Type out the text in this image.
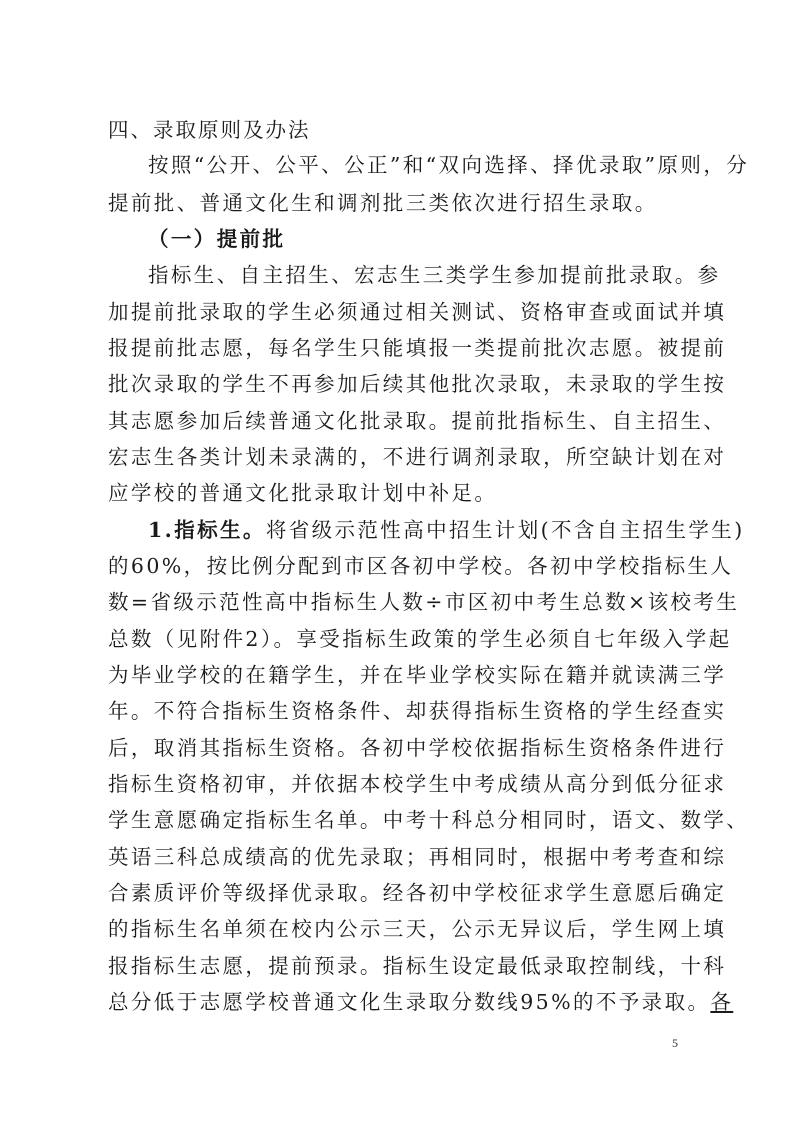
四、录取原则及办法
按照“公开、公平、公正”和“双向选择、择优录取”原则，分
提前批、普通文化生和调剂批三类依次进行招生录取。
（一）提前批
指标生、自主招生、宏志生三类学生参加提前批录取。参
加提前批录取的学生必须通过相关测试、资格审查或面试并填
报提前批志愿，每名学生只能填报一类提前批次志愿。被提前
批次录取的学生不再参加后续其他批次录取，未录取的学生按
其志愿参加后续普通文化批录取。提前批指标生、自主招生、
宏志生各类计划未录满的，不进行调剂录取，所空缺计划在对
应学校的普通文化批录取计划中补足。
1.指标生。将省级示范性高中招生计划(不含自主招生学生)
的60%，按比例分配到市区各初中学校。各初中学校指标生人
数=省级示范性高中指标生人数÷市区初中考生总数×该校考生
总数（见附件2）。享受指标生政策的学生必须自七年级入学起
为毕业学校的在籍学生，并在毕业学校实际在籍并就读满三学
年。不符合指标生资格条件、却获得指标生资格的学生经查实
后，取消其指标生资格。各初中学校依据指标生资格条件进行
指标生资格初审，并依据本校学生中考成绩从高分到低分征求
学生意愿确定指标生名单。中考十科总分相同时，语文、数学、
英语三科总成绩高的优先录取；再相同时，根据中考考查和综
合素质评价等级择优录取。经各初中学校征求学生意愿后确定
的指标生名单须在校内公示三天，公示无异议后，学生网上填
报指标生志愿，提前预录。指标生设定最低录取控制线，十科
总分低于志愿学校普通文化生录取分数线95%的不予录取。各
5
